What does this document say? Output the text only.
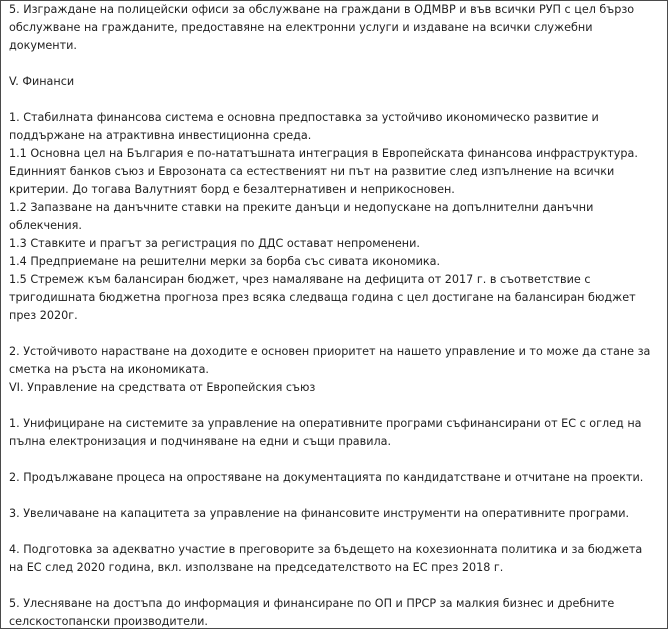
5. Изграждане на полицейски офиси за обслужване на граждани в ОДМВР и във всички РУП с цел бързо
обслужване на гражданите, предоставяне на електронни услуги и издаване на всички служебни
документи.
V. Финанси
1. Стабилната финансова система е основна предпоставка за устойчиво икономическо развитие и
поддържане на атрактивна инвестиционна среда.
1.1 Основна цел на България е по-нататъшната интеграция в Европейската финансова инфраструктура.
Единният банков съюз и Еврозоната са естественият ни път на развитие след изпълнение на всички
критерии. До тогава Валутният борд е безалтернативен и неприкосновен.
1.2 Запазване на данъчните ставки на преките данъци и недопускане на допълнителни данъчни
облекчения.
1.3 Ставките и прагът за регистрация по ДДС остават непроменени.
1.4 Предприемане на решителни мерки за борба със сивата икономика.
1.5 Стремеж към балансиран бюджет, чрез намаляване на дефицита от 2017 г. в съответствие с
тригодишната бюджетна прогноза през всяка следваща година с цел достигане на балансиран бюджет
през 2020г.
2. Устойчивото нарастване на доходите е основен приоритет на нашето управление и то може да стане за
сметка на ръста на икономиката.
VI. Управление на средствата от Европейския съюз
1. Унифициране на системите за управление на оперативните програми съфинансирани от ЕС с оглед на
пълна електронизация и подчиняване на едни и същи правила.
2. Продължаване процеса на опростяване на документацията по кандидатстване и отчитане на проекти.
3. Увеличаване на капацитета за управление на финансовите инструменти на оперативните програми.
4. Подготовка за адекватно участие в преговорите за бъдещето на кохезионната политика и за бюджета
на ЕС след 2020 година, вкл. използване на председателството на ЕС през 2018 г.
5. Улесняване на достъпа до информация и финансиране по ОП и ПРСР за малкия бизнес и дребните
селскостопански производители.
